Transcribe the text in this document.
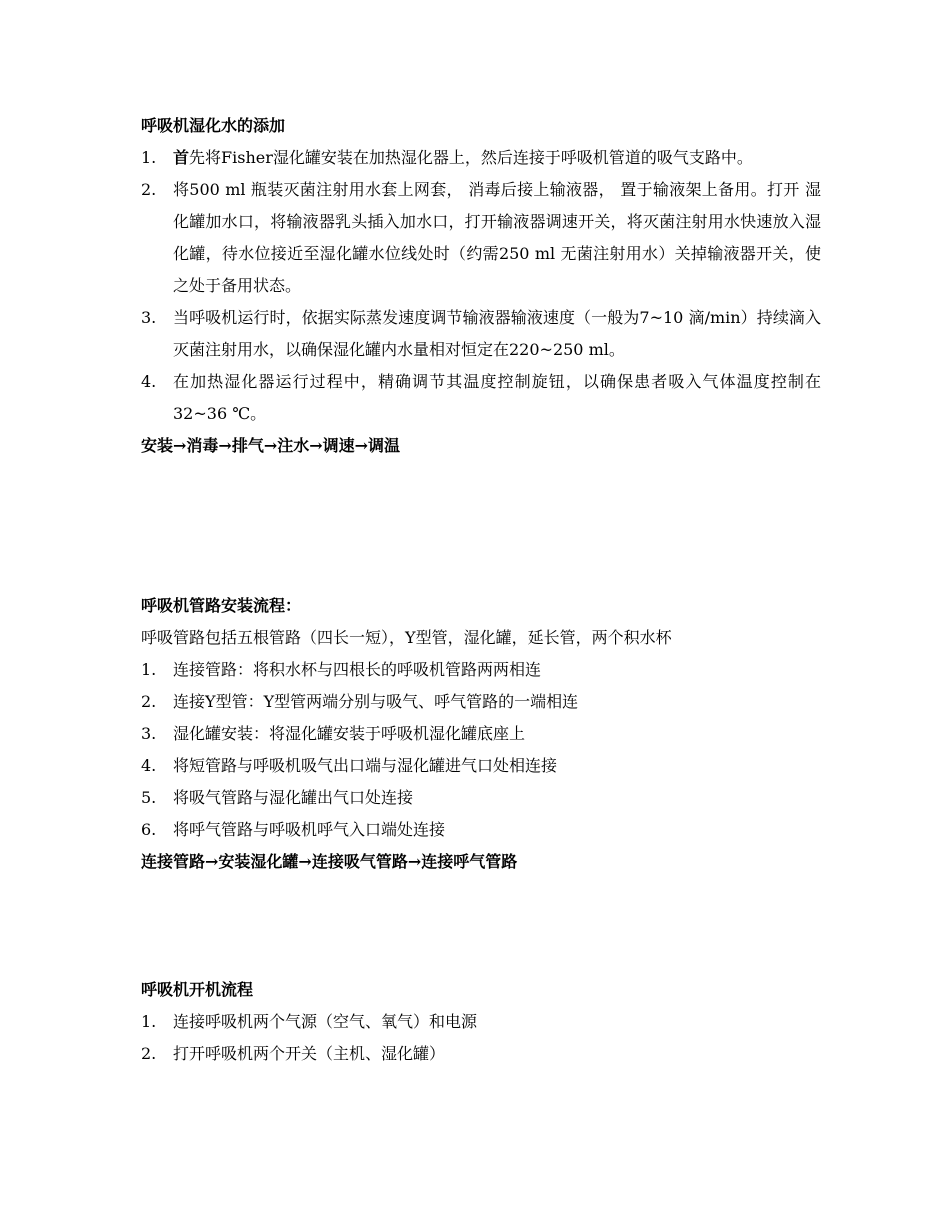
呼吸机湿化水的添加
1. 首先将Fisher湿化罐安装在加热湿化器上，然后连接于呼吸机管道的吸气支路中。
2. 将500 ml 瓶装灭菌注射用水套上网套， 消毒后接上输液器， 置于输液架上备用。打开 湿化罐加水口，将输液器乳头插入加水口，打开输液器调速开关，将灭菌注射用水快速放入湿化罐，待水位接近至湿化罐水位线处时（约需250 ml 无菌注射用水）关掉输液器开关，使之处于备用状态。
3. 当呼吸机运行时，依据实际蒸发速度调节输液器输液速度（一般为7~10 滴/min）持续滴入灭菌注射用水，以确保湿化罐内水量相对恒定在220~250 ml。
4. 在加热湿化器运行过程中，精确调节其温度控制旋钮，以确保患者吸入气体温度控制在32~36 ℃。
安装→消毒→排气→注水→调速→调温
呼吸机管路安装流程：
呼吸管路包括五根管路（四长一短），Y型管，湿化罐，延长管，两个积水杯
1. 连接管路：将积水杯与四根长的呼吸机管路两两相连
2. 连接Y型管：Y型管两端分别与吸气、呼气管路的一端相连
3. 湿化罐安装：将湿化罐安装于呼吸机湿化罐底座上
4. 将短管路与呼吸机吸气出口端与湿化罐进气口处相连接
5. 将吸气管路与湿化罐出气口处连接
6. 将呼气管路与呼吸机呼气入口端处连接
连接管路→安装湿化罐→连接吸气管路→连接呼气管路
呼吸机开机流程
1. 连接呼吸机两个气源（空气、氧气）和电源
2. 打开呼吸机两个开关（主机、湿化罐）
